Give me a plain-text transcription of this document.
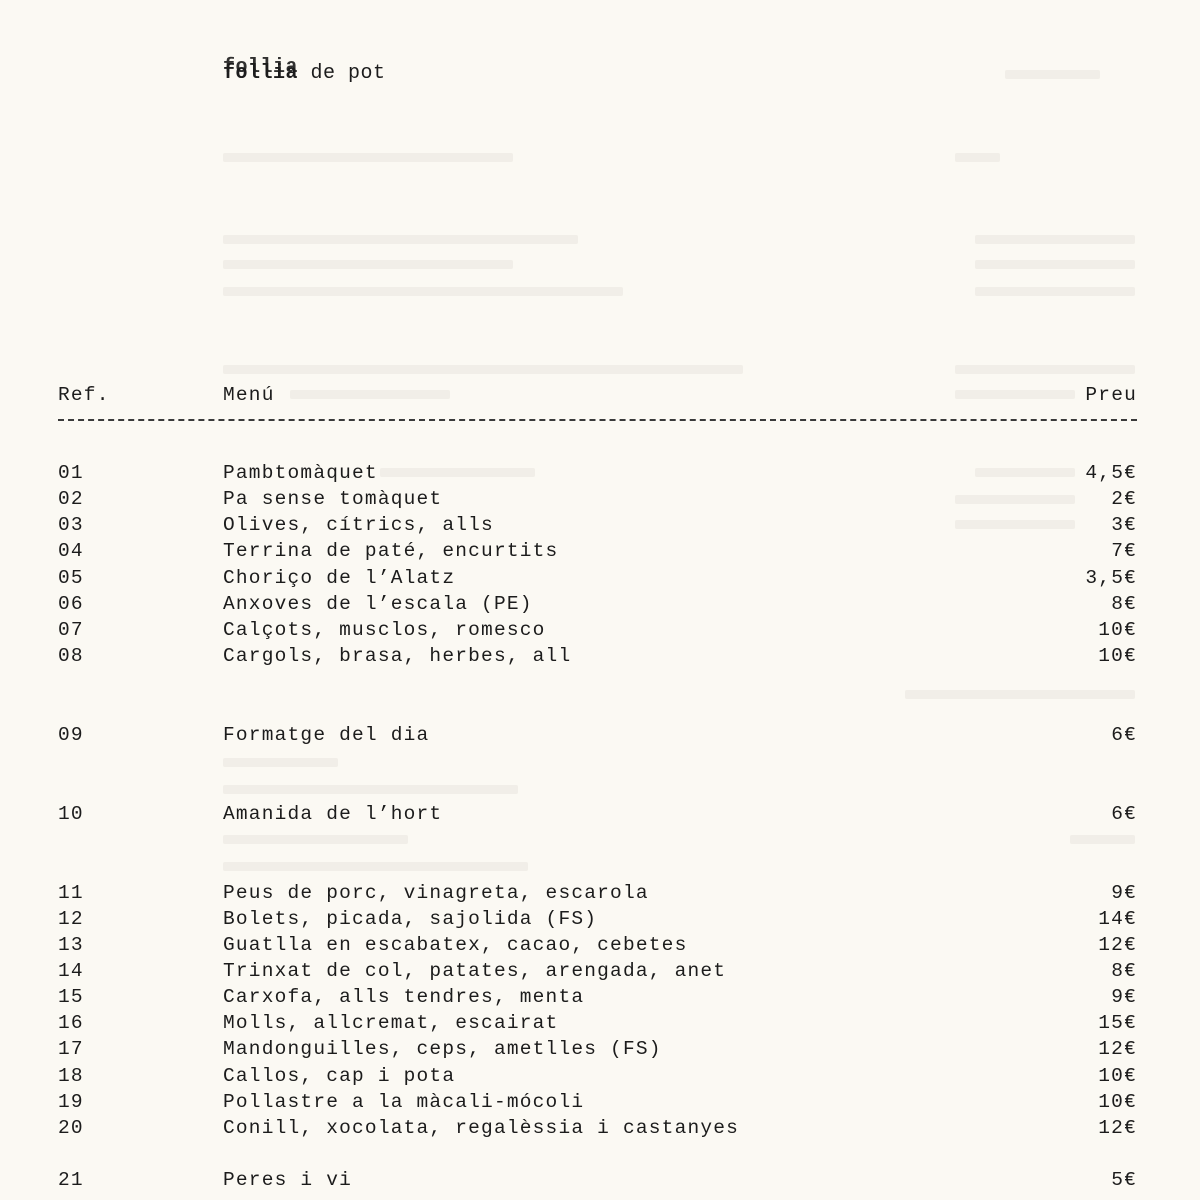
follia follia de pot
Ref.	Menú	Preu
01	Pambtomàquet	4,5€
02	Pa sense tomàquet	2€
03	Olives, cítrics, alls	3€
04	Terrina de paté, encurtits	7€
05	Choriço de l’Alatz	3,5€
06	Anxoves de l’escala (PE)	8€
07	Calçots, musclos, romesco	10€
08	Cargols, brasa, herbes, all	10€
09	Formatge del dia	6€
10	Amanida de l’hort	6€
11	Peus de porc, vinagreta, escarola	9€
12	Bolets, picada, sajolida (FS)	14€
13	Guatlla en escabatex, cacao, cebetes	12€
14	Trinxat de col, patates, arengada, anet	8€
15	Carxofa, alls tendres, menta	9€
16	Molls, allcremat, escairat	15€
17	Mandonguilles, ceps, ametlles (FS)	12€
18	Callos, cap i pota	10€
19	Pollastre a la màcali-mócoli	10€
20	Conill, xocolata, regalèssia i castanyes	12€
21	Peres i vi	5€
